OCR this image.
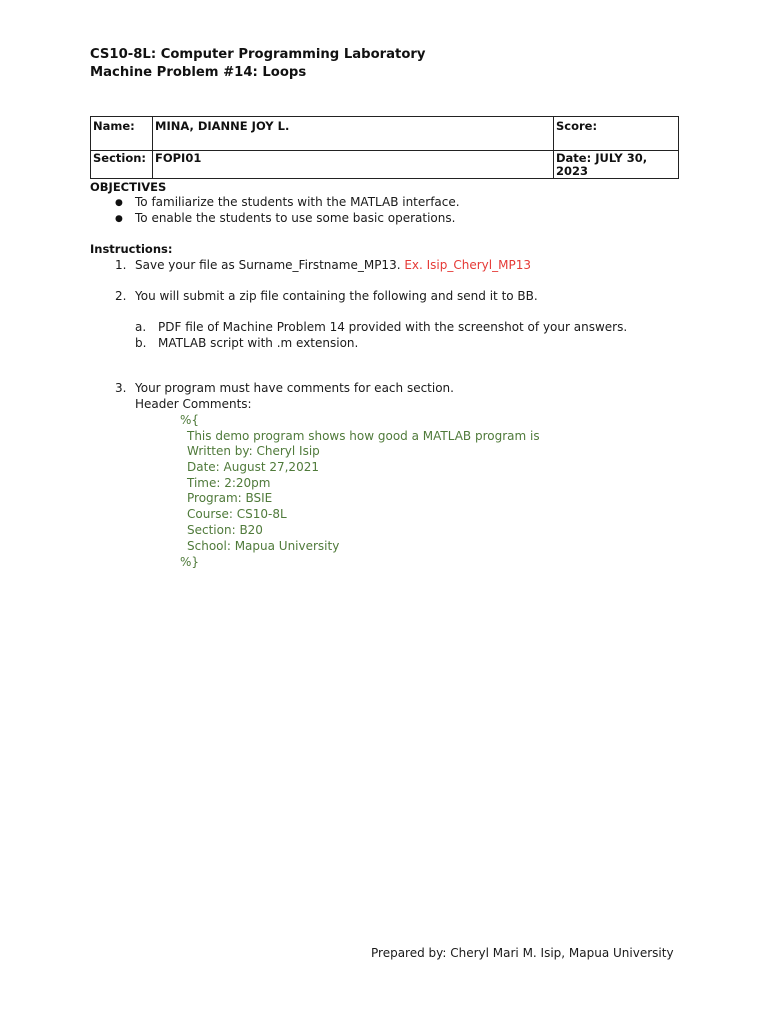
CS10-8L: Computer Programming Laboratory
Machine Problem #14: Loops
Name:	MINA, DIANNE JOY L.	Score:
Section:	FOPI01	Date: JULY 30, 2023
OBJECTIVES
● To familiarize the students with the MATLAB interface.
● To enable the students to use some basic operations.
Instructions:
1. Save your file as Surname_Firstname_MP13. Ex. Isip_Cheryl_MP13
2. You will submit a zip file containing the following and send it to BB.
a. PDF file of Machine Problem 14 provided with the screenshot of your answers.
b. MATLAB script with .m extension.
3. Your program must have comments for each section.
Header Comments:
%{
This demo program shows how good a MATLAB program is
Written by: Cheryl Isip
Date: August 27,2021
Time: 2:20pm
Program: BSIE
Course: CS10-8L
Section: B20
School: Mapua University
%}
Prepared by: Cheryl Mari M. Isip, Mapua University
